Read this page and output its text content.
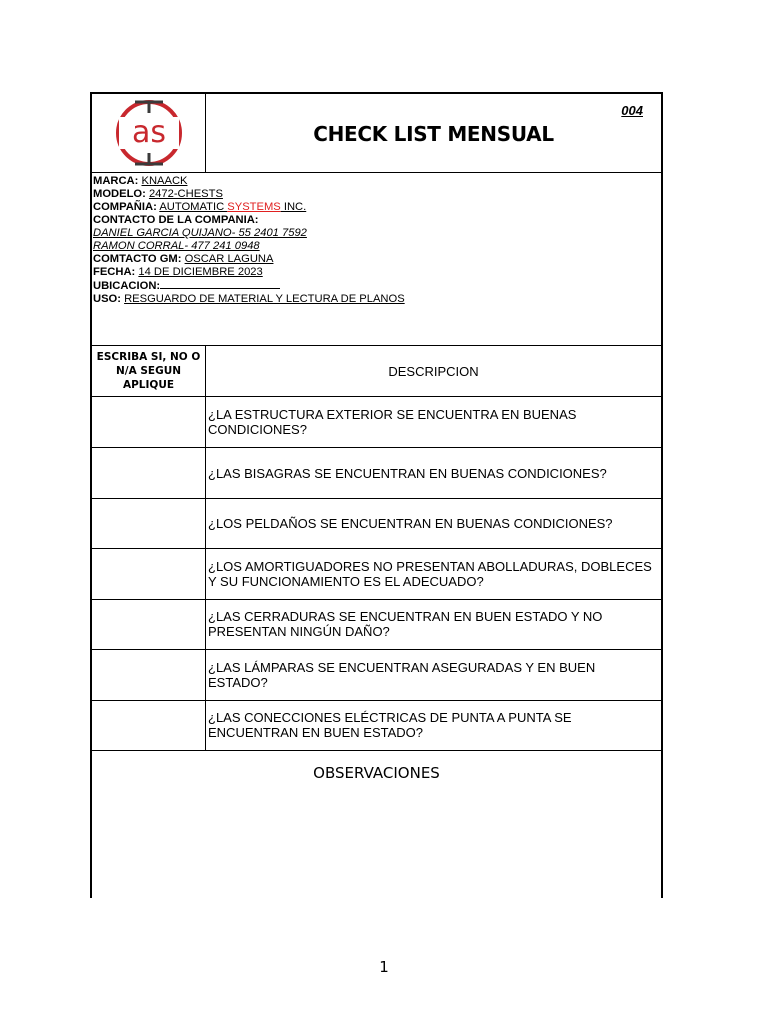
as	CHECK LIST MENSUAL
004
MARCA: KNAACK
MODELO: 2472-CHESTS
COMPAÑIA: AUTOMATIC SYSTEMS INC.
CONTACTO DE LA COMPANIA:
DANIEL GARCIA QUIJANO- 55 2401 7592
RAMON CORRAL- 477 241 0948
COMTACTO GM: OSCAR LAGUNA
FECHA: 14 DE DICIEMBRE 2023
UBICACION:
USO: RESGUARDO DE MATERIAL Y LECTURA DE PLANOS
ESCRIBA SI, NO O N/A SEGUN APLIQUE
DESCRIPCION
¿LA ESTRUCTURA EXTERIOR SE ENCUENTRA EN BUENAS CONDICIONES?
¿LAS BISAGRAS SE ENCUENTRAN EN BUENAS CONDICIONES?
¿LOS PELDAÑOS SE ENCUENTRAN EN BUENAS CONDICIONES?
¿LOS AMORTIGUADORES NO PRESENTAN ABOLLADURAS, DOBLECES Y SU FUNCIONAMIENTO ES EL ADECUADO?
¿LAS CERRADURAS SE ENCUENTRAN EN BUEN ESTADO Y NO PRESENTAN NINGÚN DAÑO?
¿LAS LÁMPARAS SE ENCUENTRAN ASEGURADAS Y EN BUEN ESTADO?
¿LAS CONECCIONES ELÉCTRICAS DE PUNTA A PUNTA SE ENCUENTRAN EN BUEN ESTADO?
OBSERVACIONES
1
